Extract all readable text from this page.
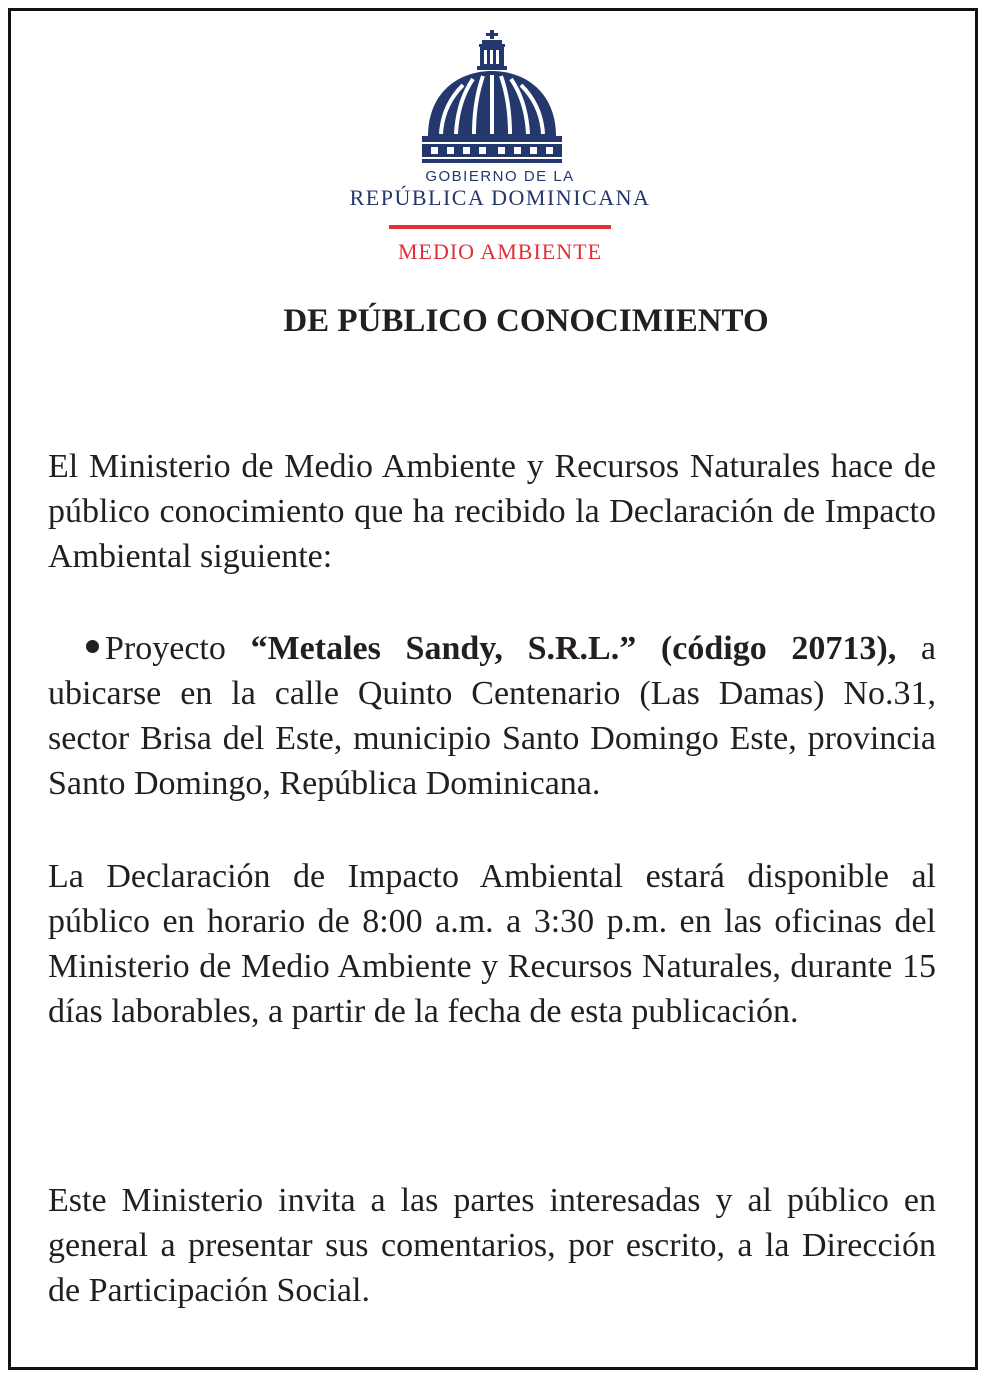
GOBIERNO DE LA
REPÚBLICA DOMINICANA
MEDIO AMBIENTE
DE PÚBLICO CONOCIMIENTO
El Ministerio de Medio Ambiente y Recursos Naturales hace de público conocimiento que ha recibido la Declaración de Impacto Ambiental siguiente:
Proyecto “Metales Sandy, S.R.L.” (código 20713), a ubicarse en la calle Quinto Centenario (Las Damas) No.31, sector Brisa del Este, municipio Santo Domingo Este, provincia Santo Domingo, República Dominicana.
La Declaración de Impacto Ambiental estará disponible al público en horario de 8:00 a.m. a 3:30 p.m. en las oficinas del Ministerio de Medio Ambiente y Recursos Naturales, durante 15 días laborables, a partir de la fecha de esta publicación.
Este Ministerio invita a las partes interesadas y al público en general a presentar sus comentarios, por escrito, a la Dirección de Participación Social.
